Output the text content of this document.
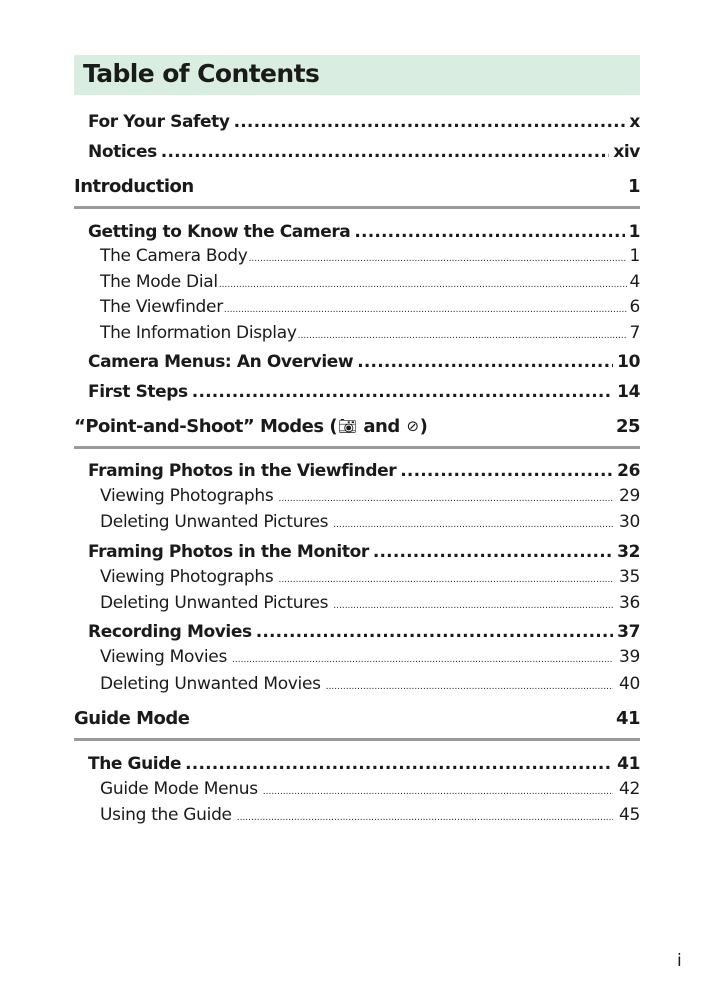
Table of Contents
For Your Safety .....	x
Notices .....	xiv
Introduction	1
Getting to Know the Camera .....	1
The Camera Body .....	1
The Mode Dial .....	4
The Viewfinder .....	6
The Information Display .....	7
Camera Menus: An Overview .....	10
First Steps .....	14
“Point-and-Shoot” Modes (📷︎ and ⊘)	25
Framing Photos in the Viewfinder .....	26
Viewing Photographs .....	29
Deleting Unwanted Pictures .....	30
Framing Photos in the Monitor .....	32
Viewing Photographs .....	35
Deleting Unwanted Pictures .....	36
Recording Movies .....	37
Viewing Movies .....	39
Deleting Unwanted Movies .....	40
Guide Mode	41
The Guide .....	41
Guide Mode Menus .....	42
Using the Guide .....	45
i
